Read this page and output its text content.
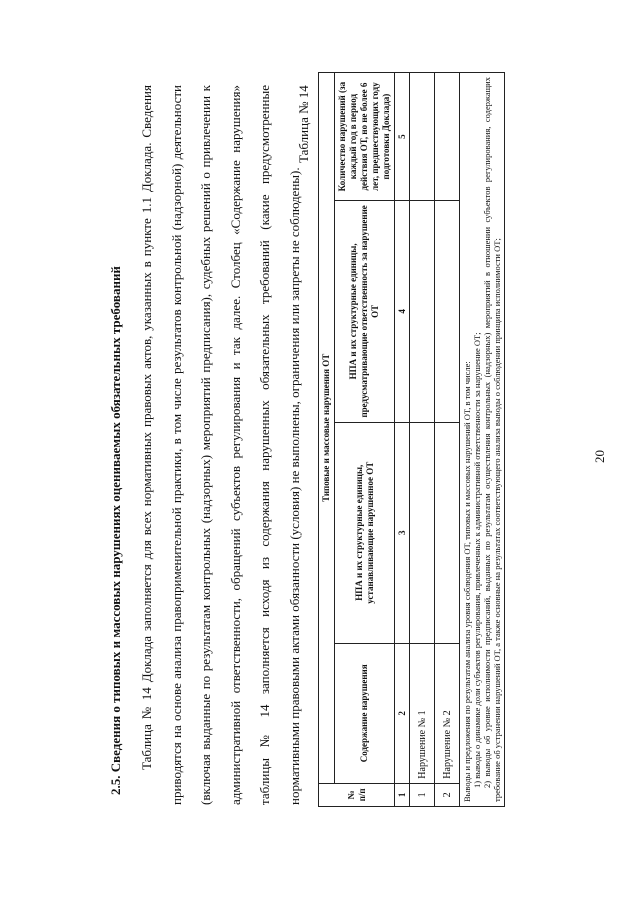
2.5. Сведения о типовых и массовых нарушениях оцениваемых обязательных требований	Таблица № 14 Доклада заполняется для всех нормативных правовых актов, указанных в пункте 1.1 Доклада. Сведения приводятся на основе анализа правоприменительной практики, в том числе результатов контрольной (надзорной) деятельности (включая выданные по результатам контрольных (надзорных) мероприятий предписания), судебных решений о привлечении к административной ответственности, обращений субъектов регулирования и так далее. Столбец «Содержание нарушения» таблицы № 14 заполняется исходя из содержания нарушенных обязательных требований (какие предусмотренные нормативными правовыми актами обязанности (условия) не выполнены, ограничения или запреты не соблюдены).
Таблица № 14
№ п/п	Типовые и массовые нарушения ОТ			
	Содержание нарушения	НПА и их структурные единицы, устанавливающие нарушенное ОТ	НПА и их структурные единицы, предусматривающие ответственность за нарушение ОТ	Количество нарушений (за каждый год в период действия ОТ, но не более 6 лет, предшествующих году подготовки Доклада)
1	2	3	4	5
1	Нарушение № 1			
2	Нарушение № 2			

Выводы и предложения по результатам анализа уровня соблюдения ОТ, типовых и массовых нарушений ОТ, в том числе: 1) выводы о динамике доли субъектов регулирования, привлеченных к административной ответственности за нарушение ОТ; 2) выводы об уровне исполнимости предписаний, выданных по результатам осуществления контрольных (надзорных) мероприятий в отношении субъектов регулирования, содержащих требование об устранении нарушений ОТ, а также основные на результатах соответствующего анализа выводы о соблюдении принципа исполнимости ОТ;					20
